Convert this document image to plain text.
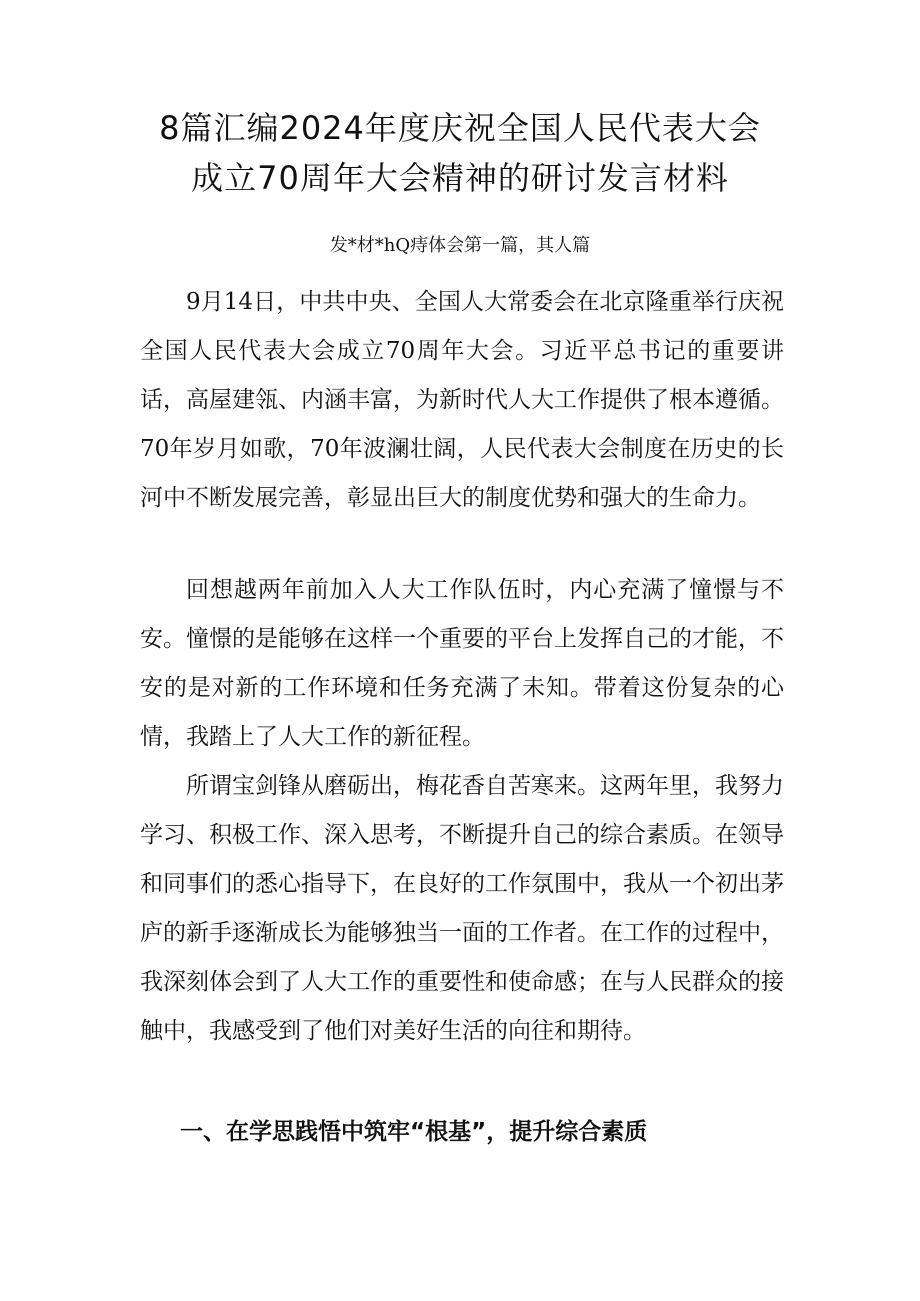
8篇汇编2024年度庆祝全国人民代表大会
成立70周年大会精神的研讨发言材料
发*材*hQ痔体会第一篇，其人篇

9月14日，中共中央、全国人大常委会在北京隆重举行庆祝全国人民代表大会成立70周年大会。习近平总书记的重要讲话，高屋建瓴、内涵丰富，为新时代人大工作提供了根本遵循。70年岁月如歌，70年波澜壮阔，人民代表大会制度在历史的长河中不断发展完善，彰显出巨大的制度优势和强大的生命力。

回想越两年前加入人大工作队伍时，内心充满了憧憬与不安。憧憬的是能够在这样一个重要的平台上发挥自己的才能，不安的是对新的工作环境和任务充满了未知。带着这份复杂的心情，我踏上了人大工作的新征程。

所谓宝剑锋从磨砺出，梅花香自苦寒来。这两年里，我努力学习、积极工作、深入思考，不断提升自己的综合素质。在领导和同事们的悉心指导下，在良好的工作氛围中，我从一个初出茅庐的新手逐渐成长为能够独当一面的工作者。在工作的过程中，我深刻体会到了人大工作的重要性和使命感；在与人民群众的接触中，我感受到了他们对美好生活的向往和期待。

一、在学思践悟中筑牢“根基”，提升综合素质
